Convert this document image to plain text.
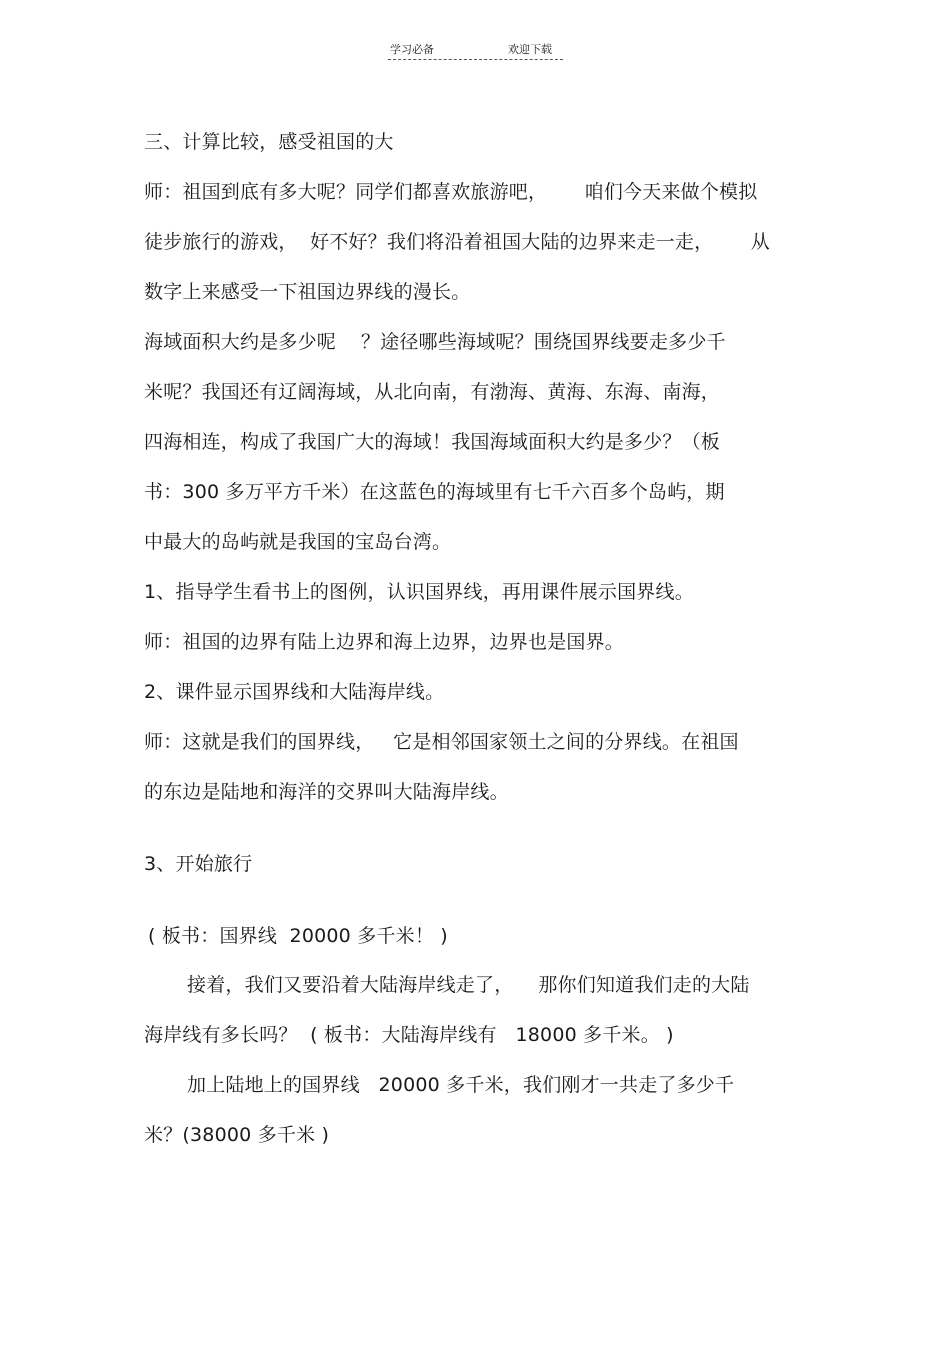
学习必备	欢迎下载
三、计算比较，感受祖国的大
师：祖国到底有多大呢？同学们都喜欢旅游吧，      咱们今天来做个模拟
徒步旅行的游戏，  好不好？我们将沿着祖国大陆的边界来走一走，      从
数字上来感受一下祖国边界线的漫长。
海域面积大约是多少呢    ？途径哪些海域呢？围绕国界线要走多少千
米呢？我国还有辽阔海域，从北向南，有渤海、黄海、东海、南海，
四海相连，构成了我国广大的海域！我国海域面积大约是多少？（板
书：300 多万平方千米）在这蓝色的海域里有七千六百多个岛屿，期
中最大的岛屿就是我国的宝岛台湾。
1、指导学生看书上的图例，认识国界线，再用课件展示国界线。
师：祖国的边界有陆上边界和海上边界，边界也是国界。
2、课件显示国界线和大陆海岸线。
师：这就是我们的国界线，   它是相邻国家领土之间的分界线。在祖国
的东边是陆地和海洋的交界叫大陆海岸线。
3、开始旅行
( 板书：国界线  20000 多千米！ )
接着，我们又要沿着大陆海岸线走了，    那你们知道我们走的大陆
海岸线有多长吗？  ( 板书：大陆海岸线有   18000 多千米。 )
加上陆地上的国界线   20000 多千米，我们刚才一共走了多少千
米？(38000 多千米 )
